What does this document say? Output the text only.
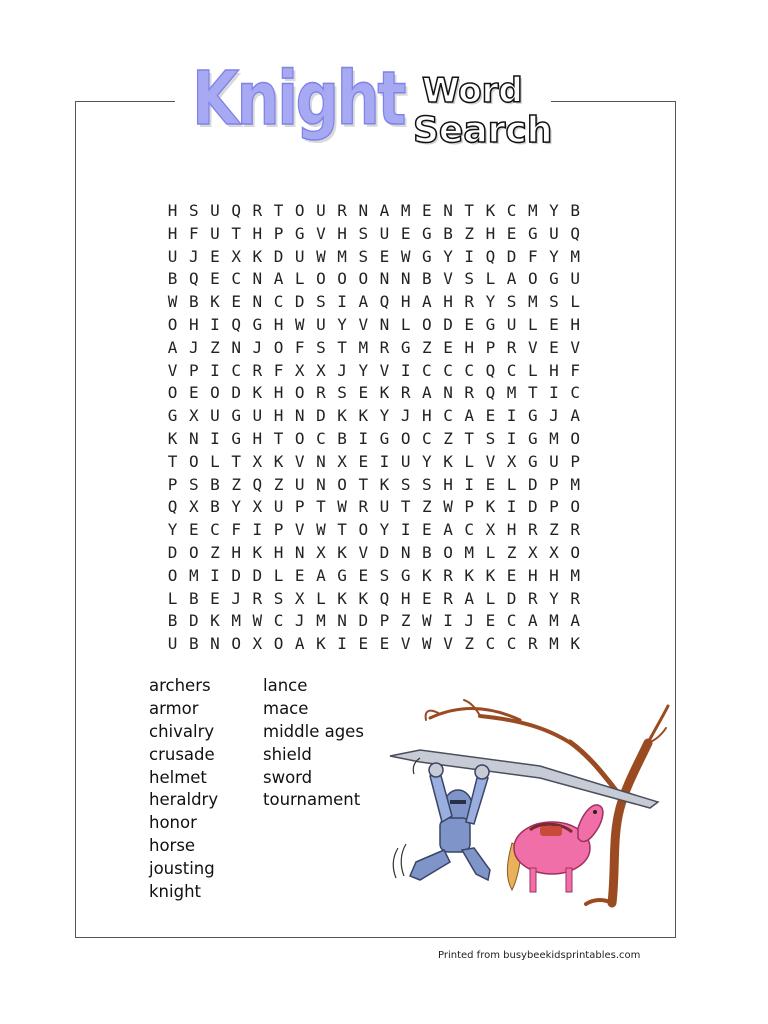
Knight Word
Search
H S U Q R T O U R N A M E N T K C M Y B
H F U T H P G V H S U E G B Z H E G U Q
U J E X K D U W M S E W G Y I Q D F Y M
B Q E C N A L O O O N N B V S L A O G U
W B K E N C D S I A Q H A H R Y S M S L
O H I Q G H W U Y V N L O D E G U L E H
A J Z N J O F S T M R G Z E H P R V E V
V P I C R F X X J Y V I C C C Q C L H F
O E O D K H O R S E K R A N R Q M T I C
G X U G U H N D K K Y J H C A E I G J A
K N I G H T O C B I G O C Z T S I G M O
T O L T X K V N X E I U Y K L V X G U P
P S B Z Q Z U N O T K S S H I E L D P M
Q X B Y X U P T W R U T Z W P K I D P O
Y E C F I P V W T O Y I E A C X H R Z R
D O Z H K H N X K V D N B O M L Z X X O
O M I D D L E A G E S G K R K K E H H M
L B E J R S X L K K Q H E R A L D R Y R
B D K M W C J M N D P Z W I J E C A M A
U B N O X O A K I E E V W V Z C C R M K
archers
armor
chivalry
crusade
helmet
heraldry
honor
horse
jousting
knight
lance
mace
middle ages
shield
sword
tournament
Printed from busybeekidsprintables.com
